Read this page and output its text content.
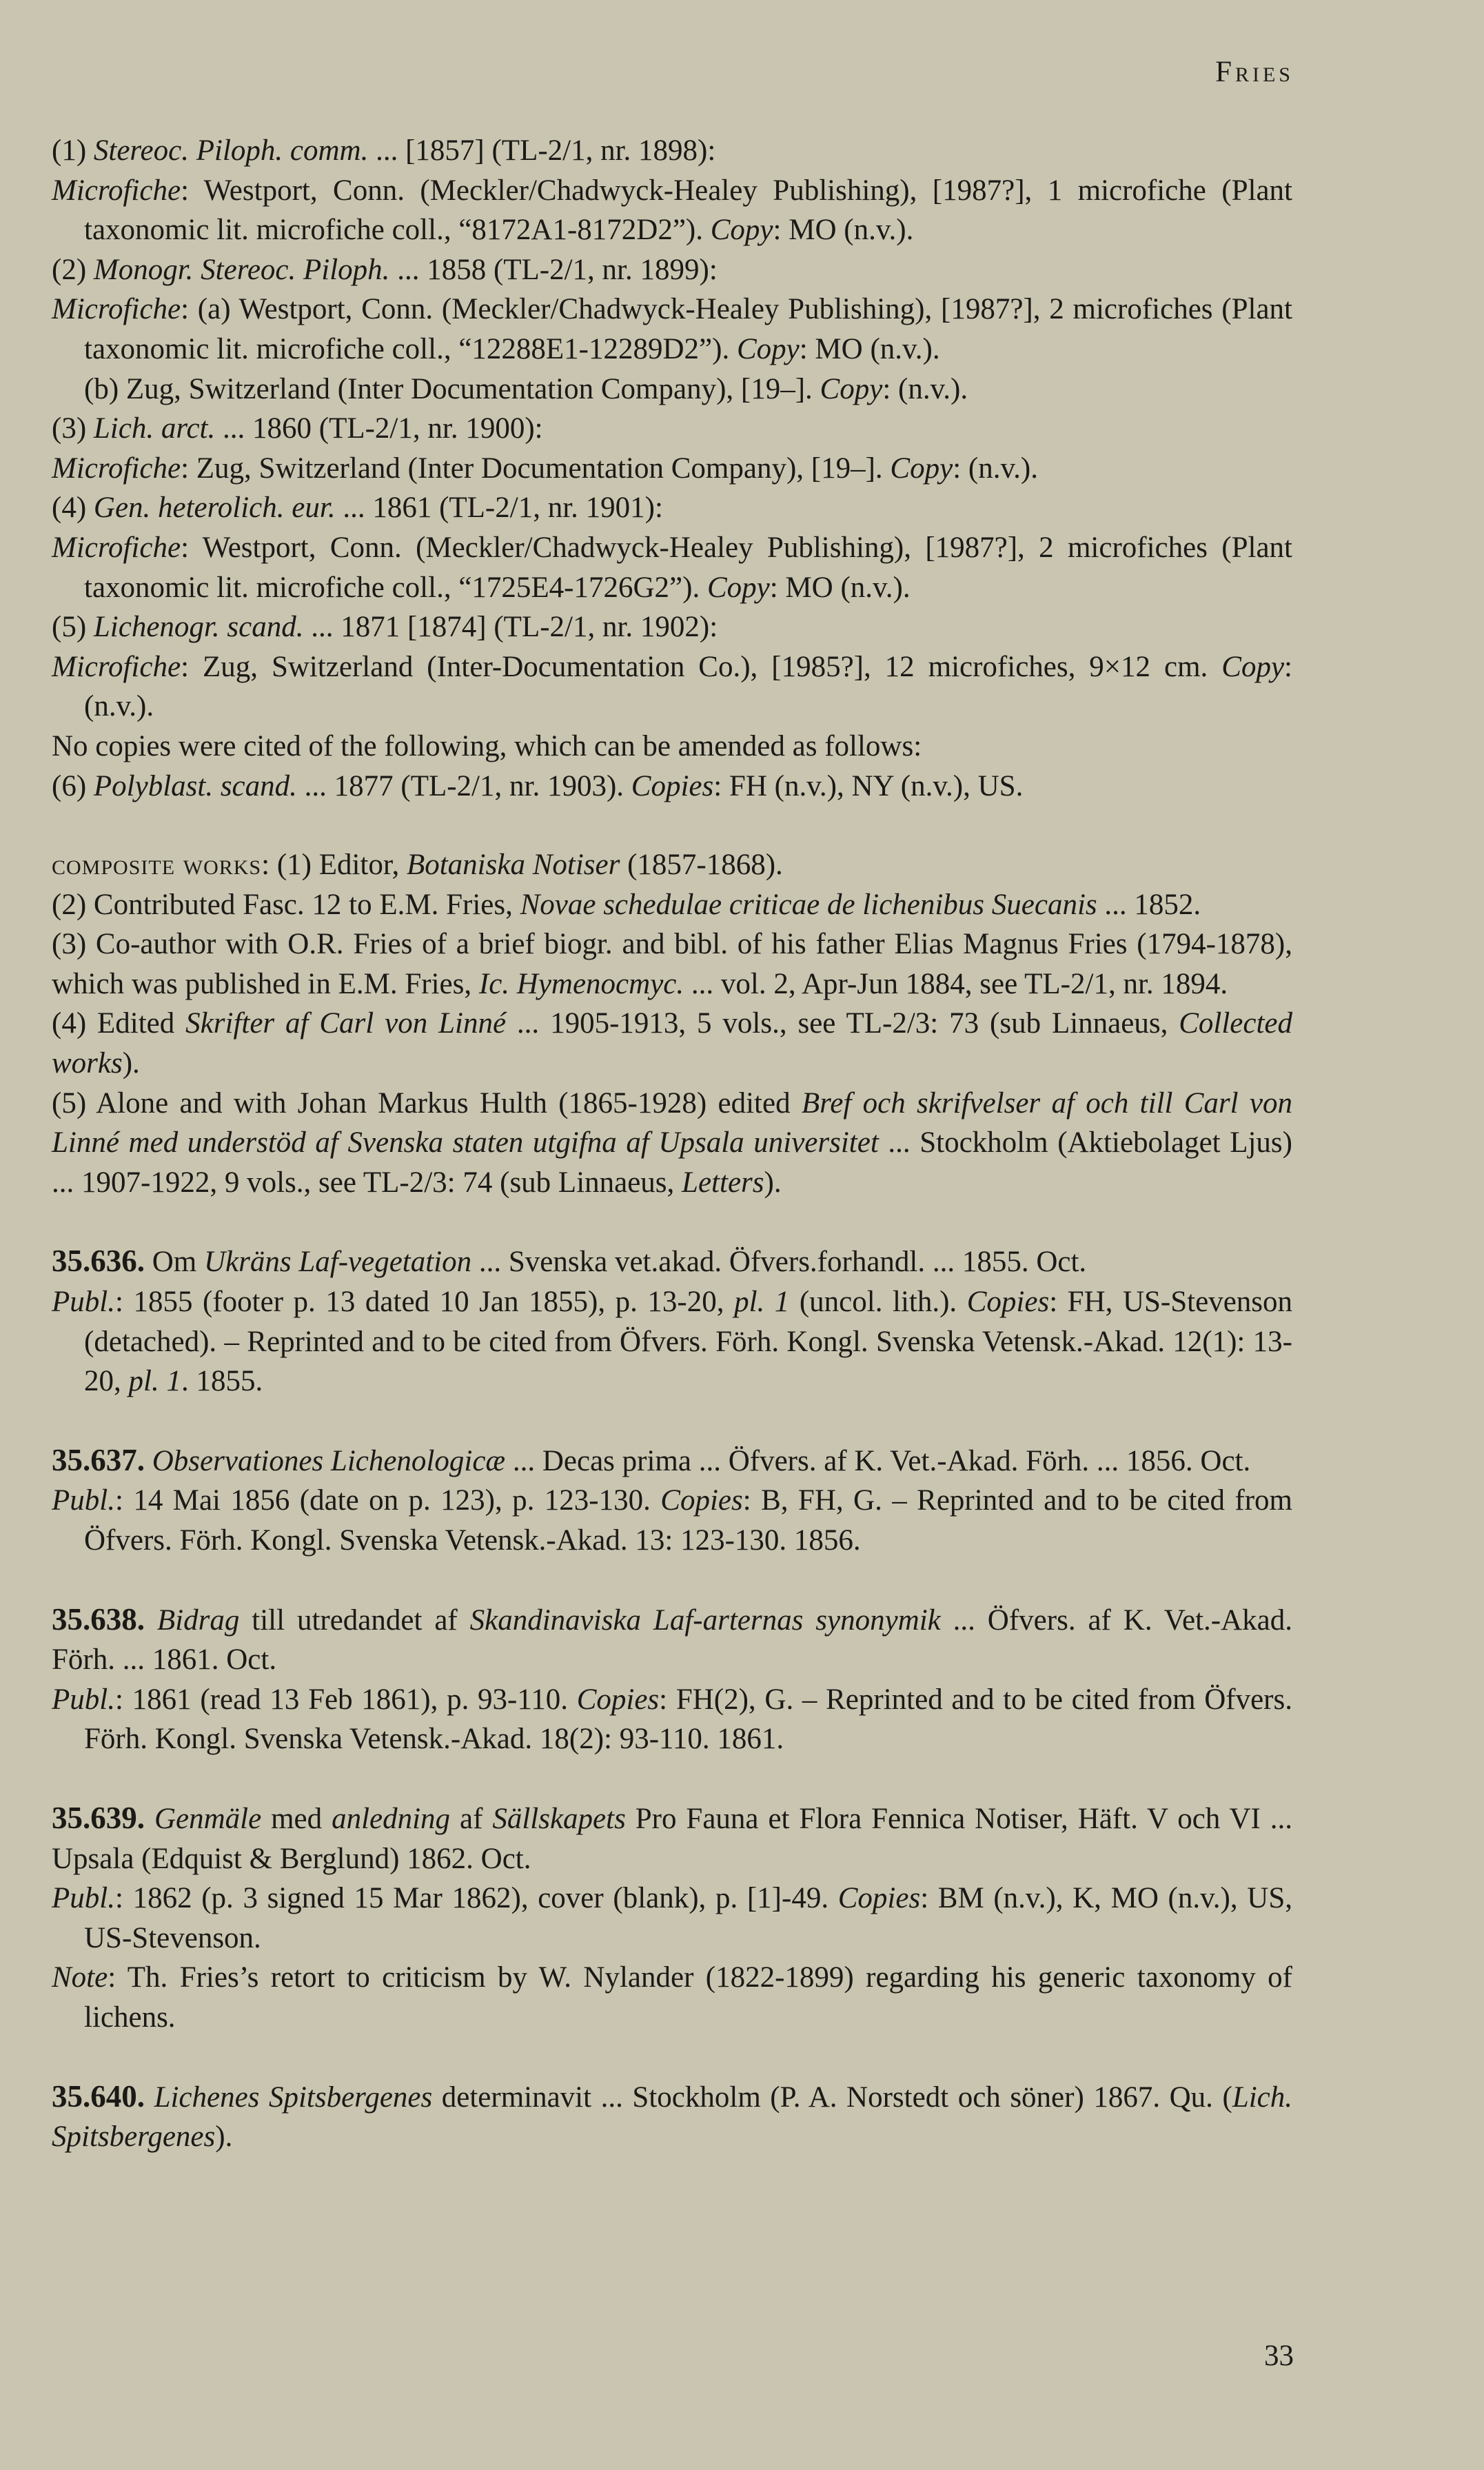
Fries

(1) Stereoc. Piloph. comm. ... [1857] (TL-2/1, nr. 1898):

Microfiche: Westport, Conn. (Meckler/Chadwyck-Healey Publishing), [1987?], 1 microfiche (Plant taxonomic lit. microfiche coll., “8172A1-8172D2”). Copy: MO (n.v.).

(2) Monogr. Stereoc. Piloph. ... 1858 (TL-2/1, nr. 1899):

Microfiche: (a) Westport, Conn. (Meckler/Chadwyck-Healey Publishing), [1987?], 2 microfiches (Plant taxonomic lit. microfiche coll., “12288E1-12289D2”). Copy: MO (n.v.).
(b) Zug, Switzerland (Inter Documentation Company), [19–]. Copy: (n.v.).

(3) Lich. arct. ... 1860 (TL-2/1, nr. 1900):

Microfiche: Zug, Switzerland (Inter Documentation Company), [19–]. Copy: (n.v.).

(4) Gen. heterolich. eur. ... 1861 (TL-2/1, nr. 1901):

Microfiche: Westport, Conn. (Meckler/Chadwyck-Healey Publishing), [1987?], 2 microfiches (Plant taxonomic lit. microfiche coll., “1725E4-1726G2”). Copy: MO (n.v.).

(5) Lichenogr. scand. ... 1871 [1874] (TL-2/1, nr. 1902):

Microfiche: Zug, Switzerland (Inter-Documentation Co.), [1985?], 12 microfiches, 9×12 cm. Copy: (n.v.).

No copies were cited of the following, which can be amended as follows:

(6) Polyblast. scand. ... 1877 (TL-2/1, nr. 1903). Copies: FH (n.v.), NY (n.v.), US.

composite works: (1) Editor, Botaniska Notiser (1857-1868).

(2) Contributed Fasc. 12 to E.M. Fries, Novae schedulae criticae de lichenibus Suecanis ... 1852.

(3) Co-author with O.R. Fries of a brief biogr. and bibl. of his father Elias Magnus Fries (1794-1878), which was published in E.M. Fries, Ic. Hymenocmyc. ... vol. 2, Apr-Jun 1884, see TL-2/1, nr. 1894.

(4) Edited Skrifter af Carl von Linné ... 1905-1913, 5 vols., see TL-2/3: 73 (sub Linnaeus, Collected works).

(5) Alone and with Johan Markus Hulth (1865-1928) edited Bref och skrifvelser af och till Carl von Linné med understöd af Svenska staten utgifna af Upsala universitet ... Stockholm (Aktiebolaget Ljus) ... 1907-1922, 9 vols., see TL-2/3: 74 (sub Linnaeus, Letters).

35.636. Om Ukräns Laf-vegetation ... Svenska vet.akad. Öfvers.forhandl. ... 1855. Oct.

Publ.: 1855 (footer p. 13 dated 10 Jan 1855), p. 13-20, pl. 1 (uncol. lith.). Copies: FH, US-Stevenson (detached). – Reprinted and to be cited from Öfvers. Förh. Kongl. Svenska Vetensk.-Akad. 12(1): 13-20, pl. 1. 1855.

35.637. Observationes Lichenologicæ ... Decas prima ... Öfvers. af K. Vet.-Akad. Förh. ... 1856. Oct.

Publ.: 14 Mai 1856 (date on p. 123), p. 123-130. Copies: B, FH, G. – Reprinted and to be cited from Öfvers. Förh. Kongl. Svenska Vetensk.-Akad. 13: 123-130. 1856.

35.638. Bidrag till utredandet af Skandinaviska Laf-arternas synonymik ... Öfvers. af K. Vet.-Akad. Förh. ... 1861. Oct.

Publ.: 1861 (read 13 Feb 1861), p. 93-110. Copies: FH(2), G. – Reprinted and to be cited from Öfvers. Förh. Kongl. Svenska Vetensk.-Akad. 18(2): 93-110. 1861.

35.639. Genmäle med anledning af Sällskapets Pro Fauna et Flora Fennica Notiser, Häft. V och VI ... Upsala (Edquist & Berglund) 1862. Oct.

Publ.: 1862 (p. 3 signed 15 Mar 1862), cover (blank), p. [1]-49. Copies: BM (n.v.), K, MO (n.v.), US, US-Stevenson.

Note: Th. Fries’s retort to criticism by W. Nylander (1822-1899) regarding his generic taxonomy of lichens.

35.640. Lichenes Spitsbergenes determinavit ... Stockholm (P. A. Norstedt och söner) 1867. Qu. (Lich. Spitsbergenes).

33
